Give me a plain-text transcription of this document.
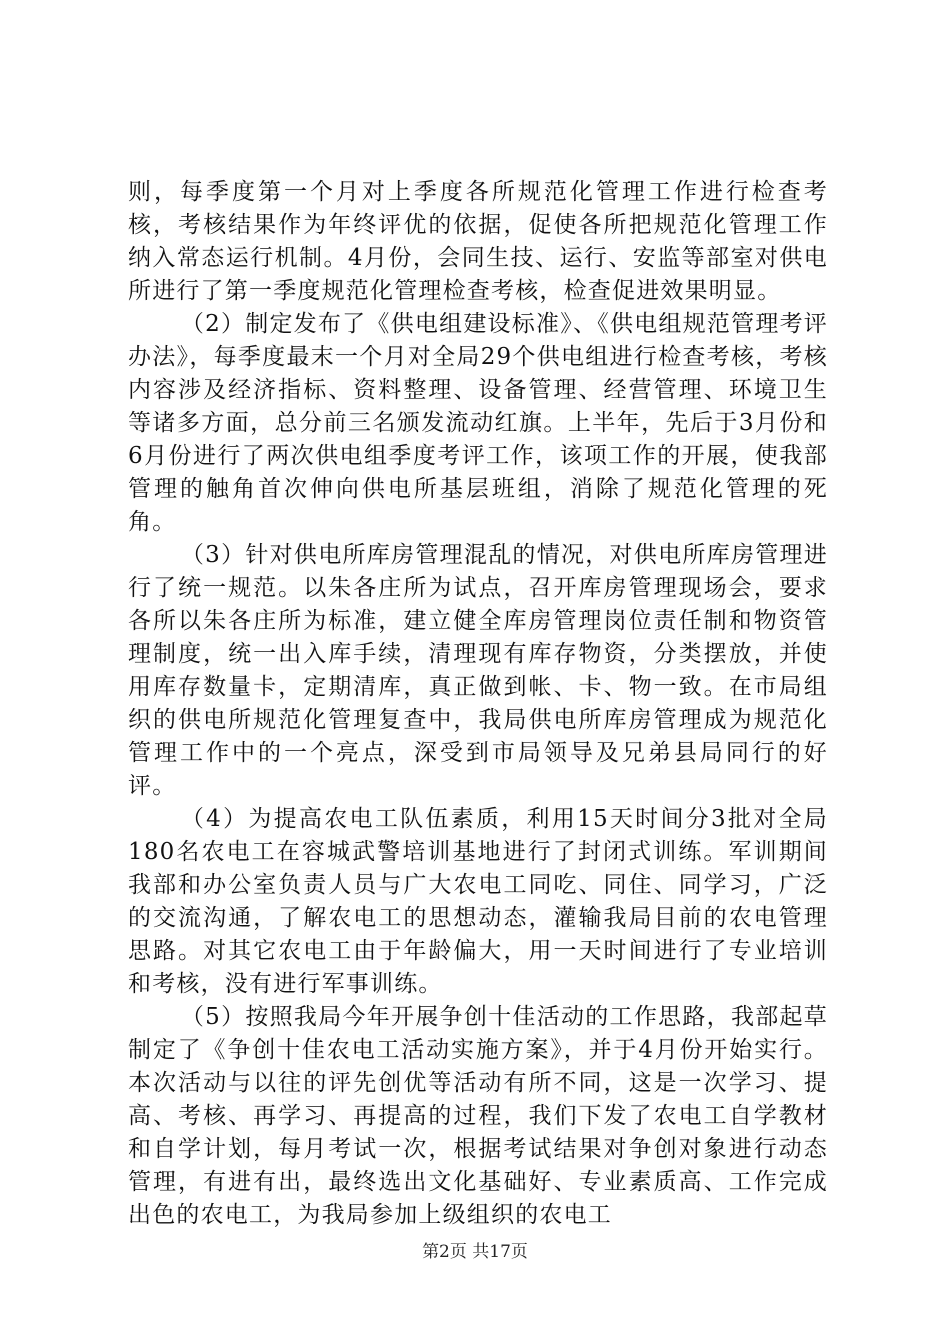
则，每季度第一个月对上季度各所规范化管理工作进行检查考核，考核结果作为年终评优的依据，促使各所把规范化管理工作纳入常态运行机制。4月份，会同生技、运行、安监等部室对供电所进行了第一季度规范化管理检查考核，检查促进效果明显。

（2）制定发布了《供电组建设标准》、《供电组规范管理考评办法》，每季度最末一个月对全局29个供电组进行检查考核，考核内容涉及经济指标、资料整理、设备管理、经营管理、环境卫生等诸多方面，总分前三名颁发流动红旗。上半年，先后于3月份和6月份进行了两次供电组季度考评工作，该项工作的开展，使我部管理的触角首次伸向供电所基层班组，消除了规范化管理的死角。

（3）针对供电所库房管理混乱的情况，对供电所库房管理进行了统一规范。以朱各庄所为试点，召开库房管理现场会，要求各所以朱各庄所为标准，建立健全库房管理岗位责任制和物资管理制度，统一出入库手续，清理现有库存物资，分类摆放，并使用库存数量卡，定期清库，真正做到帐、卡、物一致。在市局组织的供电所规范化管理复查中，我局供电所库房管理成为规范化管理工作中的一个亮点，深受到市局领导及兄弟县局同行的好评。

（4）为提高农电工队伍素质，利用15天时间分3批对全局180名农电工在容城武警培训基地进行了封闭式训练。军训期间我部和办公室负责人员与广大农电工同吃、同住、同学习，广泛的交流沟通，了解农电工的思想动态，灌输我局目前的农电管理思路。对其它农电工由于年龄偏大，用一天时间进行了专业培训和考核，没有进行军事训练。

（5）按照我局今年开展争创十佳活动的工作思路，我部起草制定了《争创十佳农电工活动实施方案》，并于4月份开始实行。本次活动与以往的评先创优等活动有所不同，这是一次学习、提高、考核、再学习、再提高的过程，我们下发了农电工自学教材和自学计划，每月考试一次，根据考试结果对争创对象进行动态管理，有进有出，最终选出文化基础好、专业素质高、工作完成出色的农电工，为我局参加上级组织的农电工

第2页 共17页
